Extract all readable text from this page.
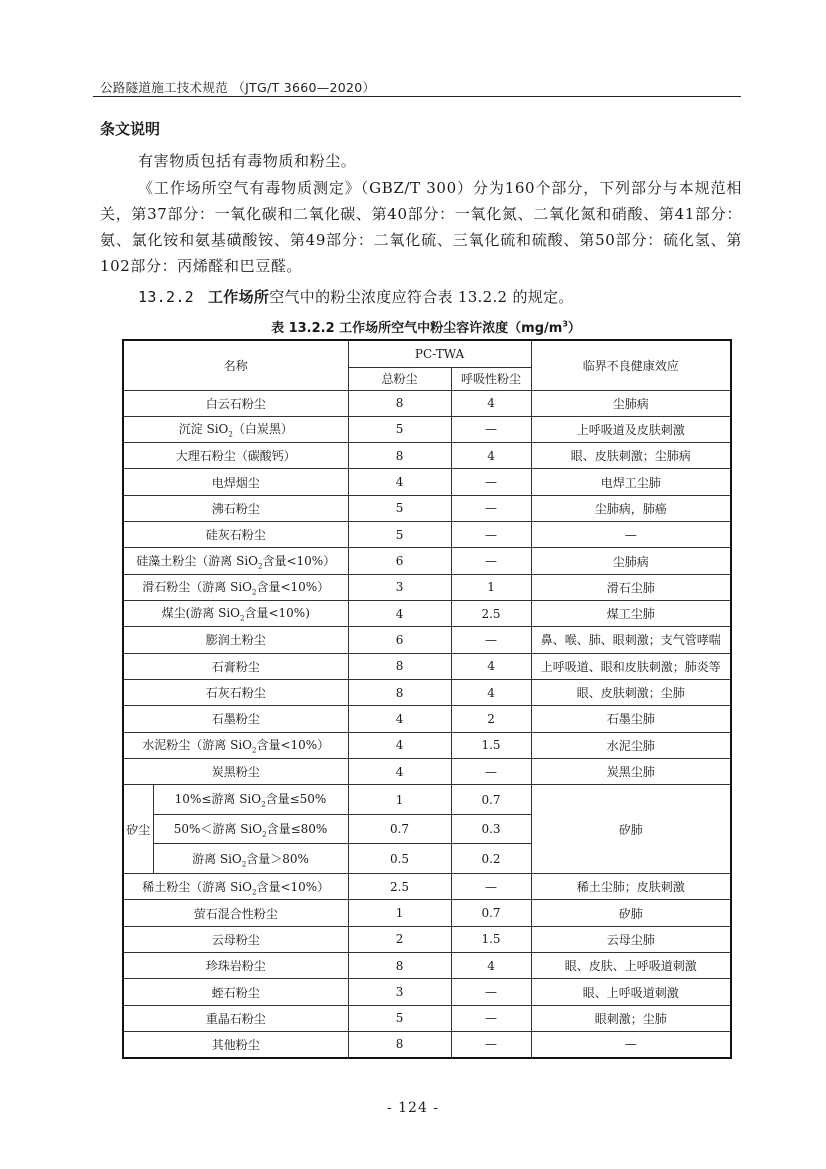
公路隧道施工技术规范 （JTG/T 3660—2020）
条文说明
有害物质包括有毒物质和粉尘。
《工作场所空气有毒物质测定》（GBZ/T 300）分为160个部分，下列部分与本规范相关，第37部分：一氧化碳和二氧化碳、第40部分：一氧化氮、二氧化氮和硝酸、第41部分：氨、氯化铵和氨基磺酸铵、第49部分：二氧化硫、三氧化硫和硫酸、第50部分：硫化氢、第102部分：丙烯醛和巴豆醛。
13.2.2 工作场所空气中的粉尘浓度应符合表 13.2.2 的规定。
表 13.2.2 工作场所空气中粉尘容许浓度$(mg/m^3)$
名称		PC-TWA		临界不良健康效应
		总粉尘	呼吸性粉尘	
白云石粉尘		8	4	尘肺病
沉淀 SiO$_2$（白炭黑）		5	—	上呼吸道及皮肤刺激
大理石粉尘（碳酸钙）		8	4	眼、皮肤刺激；尘肺病
电焊烟尘		4	—	电焊工尘肺
沸石粉尘		5	—	尘肺病，肺癌
硅灰石粉尘		5	—	—
硅藻土粉尘（游离 SiO$_2$含量<10%）		6	—	尘肺病
滑石粉尘（游离 SiO$_2$含量<10%）		3	1	滑石尘肺
煤尘(游离 SiO$_2$含量<10%)		4	2.5	煤工尘肺
膨润土粉尘		6	—	鼻、喉、肺、眼刺激；支气管哮喘
石膏粉尘		8	4	上呼吸道、眼和皮肤刺激；肺炎等
石灰石粉尘		8	4	眼、皮肤刺激；尘肺
石墨粉尘		4	2	石墨尘肺
水泥粉尘（游离 SiO$_2$含量<10%）		4	1.5	水泥尘肺
炭黑粉尘		4	—	炭黑尘肺
矽尘	10%≤游离 SiO$_2$含量≤50%	1	0.7	矽肺
	50%＜游离 SiO$_2$含量≤80%	0.7	0.3	
	游离 SiO$_2$含量＞80%	0.5	0.2	
稀土粉尘（游离 SiO$_2$含量<10%）		2.5	—	稀土尘肺；皮肤刺激
萤石混合性粉尘		1	0.7	矽肺
云母粉尘		2	1.5	云母尘肺
珍珠岩粉尘		8	4	眼、皮肤、上呼吸道刺激
蛭石粉尘		3	—	眼、上呼吸道刺激
重晶石粉尘		5	—	眼刺激；尘肺
其他粉尘		8	—	—
- 124 -
